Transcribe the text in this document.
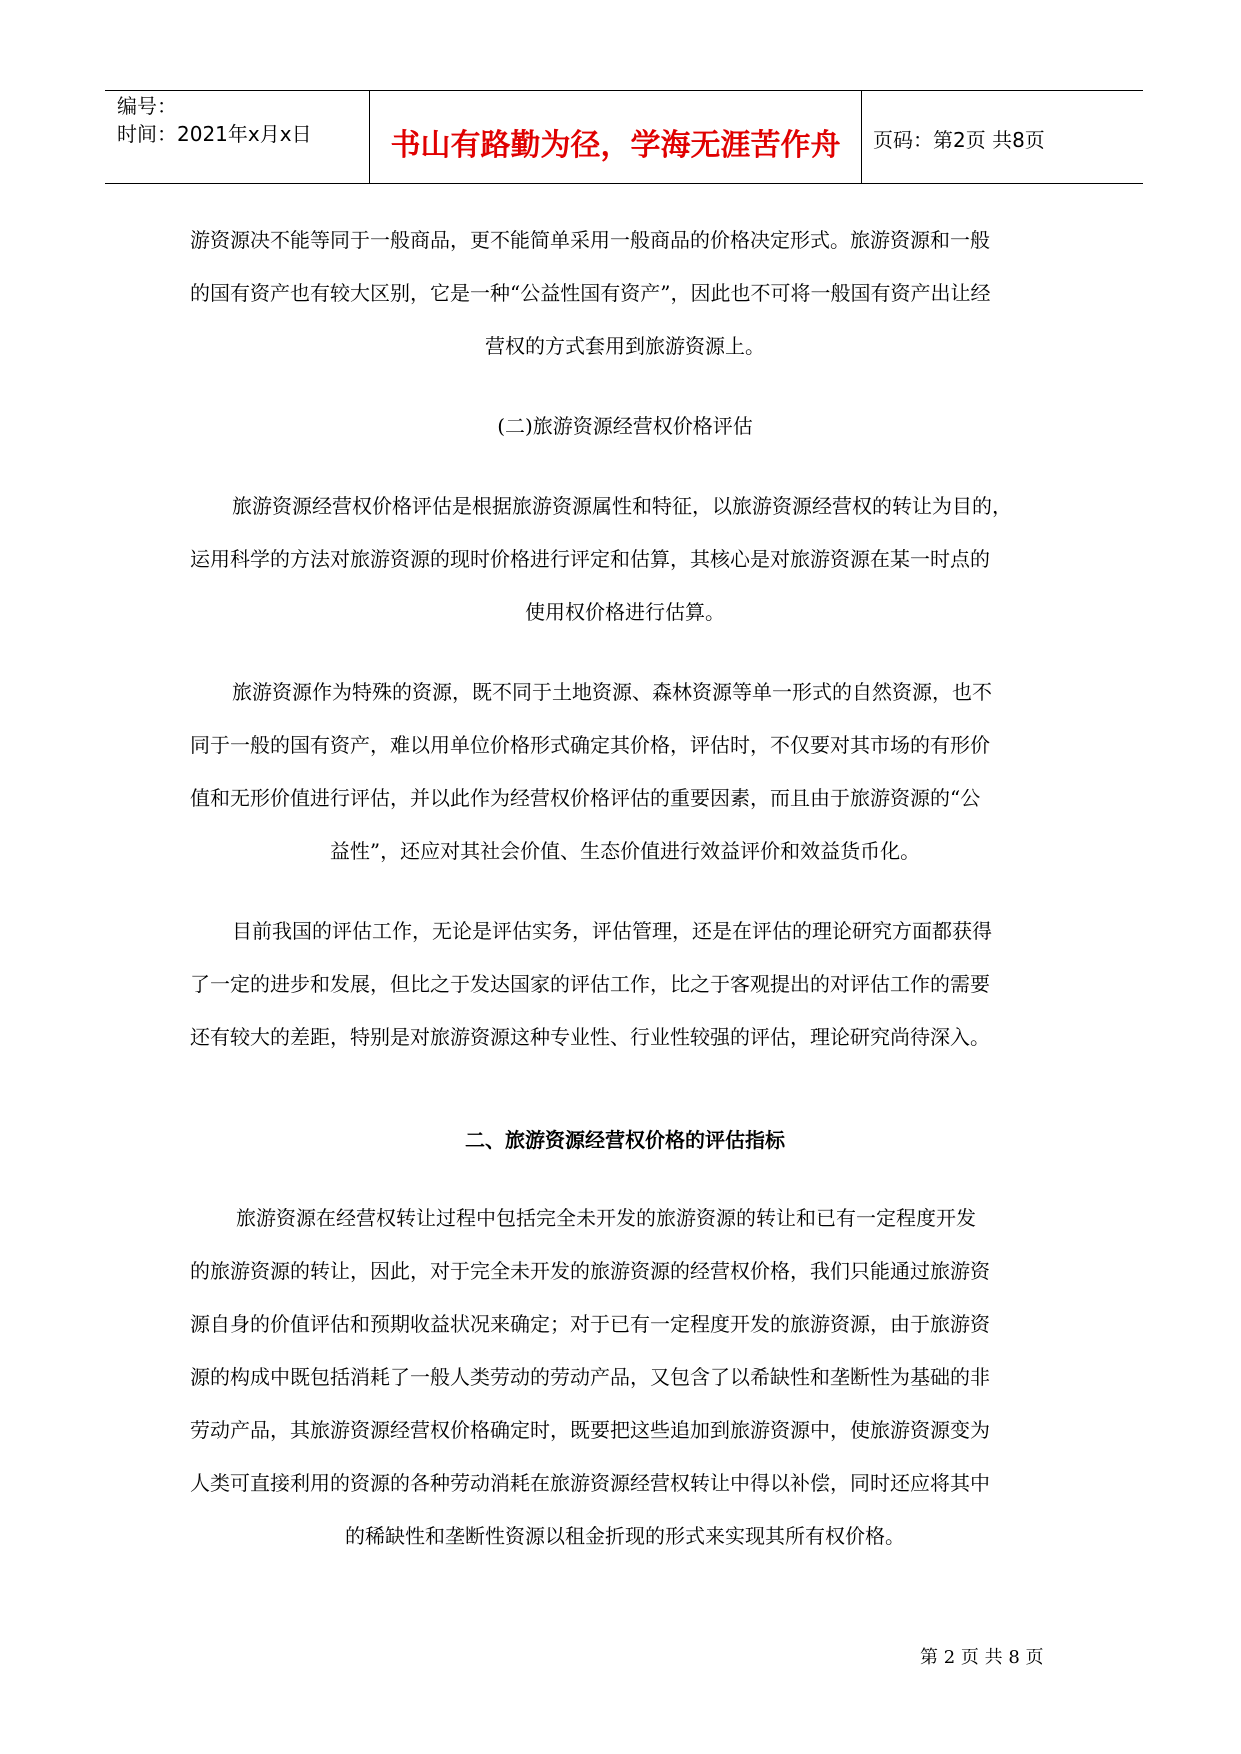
编号：
时间：2021年x月x日	书山有路勤为径，学海无涯苦作舟	页码：第2页 共8页
游资源决不能等同于一般商品，更不能简单采用一般商品的价格决定形式。旅游资源和一般
的国有资产也有较大区别，它是一种“公益性国有资产”，因此也不可将一般国有资产出让经
营权的方式套用到旅游资源上。
(二)旅游资源经营权价格评估
旅游资源经营权价格评估是根据旅游资源属性和特征，以旅游资源经营权的转让为目的，
运用科学的方法对旅游资源的现时价格进行评定和估算，其核心是对旅游资源在某一时点的
使用权价格进行估算。
旅游资源作为特殊的资源，既不同于土地资源、森林资源等单一形式的自然资源，也不
同于一般的国有资产，难以用单位价格形式确定其价格，评估时，不仅要对其市场的有形价
值和无形价值进行评估，并以此作为经营权价格评估的重要因素，而且由于旅游资源的“公
益性”，还应对其社会价值、生态价值进行效益评价和效益货币化。
目前我国的评估工作，无论是评估实务，评估管理，还是在评估的理论研究方面都获得
了一定的进步和发展，但比之于发达国家的评估工作，比之于客观提出的对评估工作的需要
还有较大的差距，特别是对旅游资源这种专业性、行业性较强的评估，理论研究尚待深入。
二、旅游资源经营权价格的评估指标
旅游资源在经营权转让过程中包括完全未开发的旅游资源的转让和已有一定程度开发
的旅游资源的转让，因此，对于完全未开发的旅游资源的经营权价格，我们只能通过旅游资
源自身的价值评估和预期收益状况来确定；对于已有一定程度开发的旅游资源，由于旅游资
源的构成中既包括消耗了一般人类劳动的劳动产品，又包含了以希缺性和垄断性为基础的非
劳动产品，其旅游资源经营权价格确定时，既要把这些追加到旅游资源中，使旅游资源变为
人类可直接利用的资源的各种劳动消耗在旅游资源经营权转让中得以补偿，同时还应将其中
的稀缺性和垄断性资源以租金折现的形式来实现其所有权价格。
第 2 页 共 8 页
